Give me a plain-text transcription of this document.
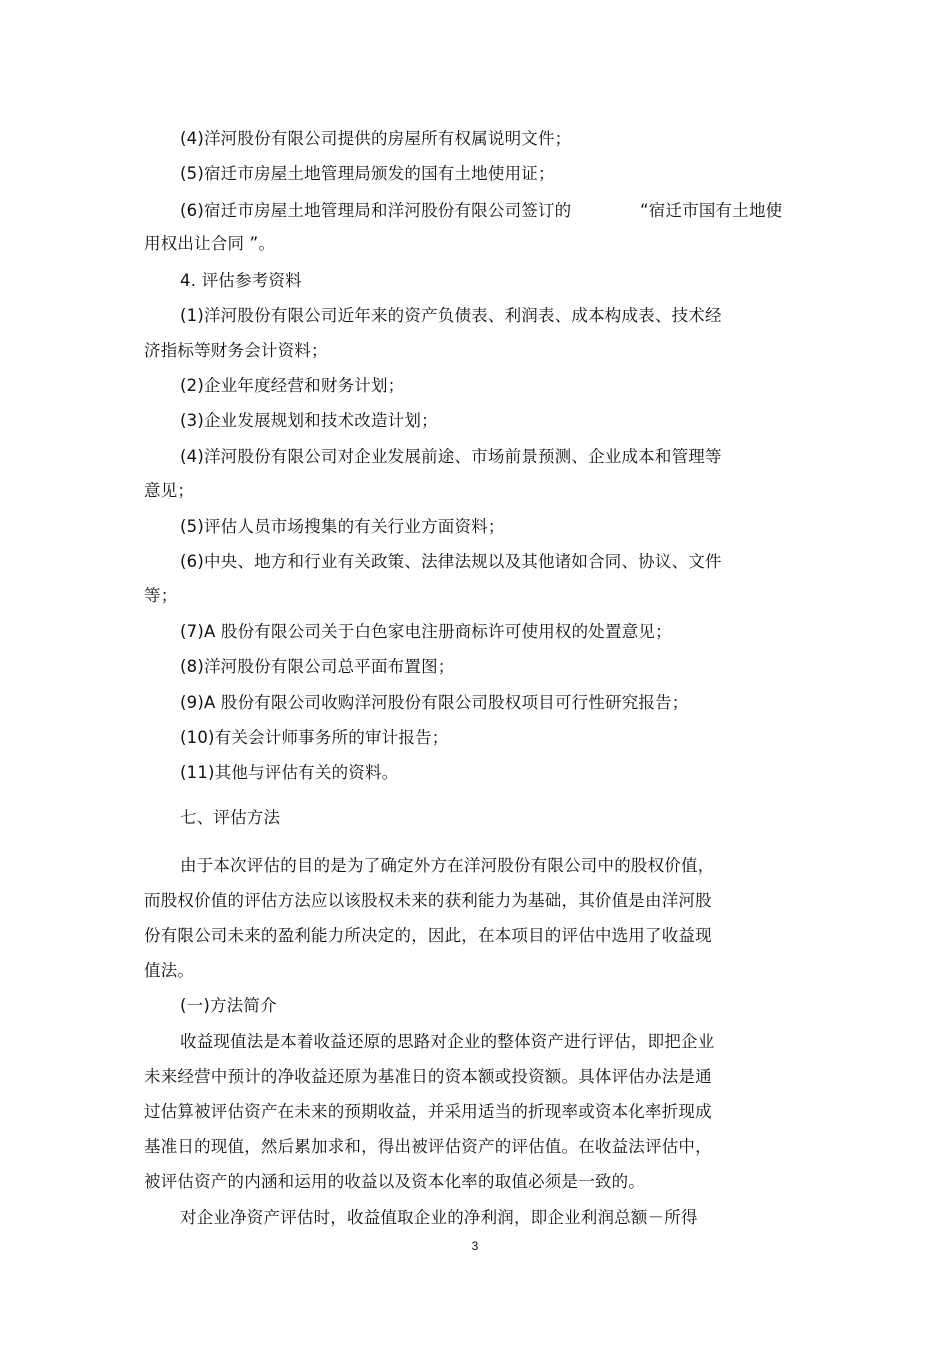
(4)洋河股份有限公司提供的房屋所有权属说明文件；
(5)宿迁市房屋土地管理局颁发的国有土地使用证；
(6)宿迁市房屋土地管理局和洋河股份有限公司签订的	“宿迁市国有土地使
用权出让合同 ”。
4. 评估参考资料
(1)洋河股份有限公司近年来的资产负债表、利润表、成本构成表、技术经
济指标等财务会计资料；
(2)企业年度经营和财务计划；
(3)企业发展规划和技术改造计划；
(4)洋河股份有限公司对企业发展前途、市场前景预测、企业成本和管理等
意见；
(5)评估人员市场搜集的有关行业方面资料；
(6)中央、地方和行业有关政策、法律法规以及其他诸如合同、协议、文件
等；
(7)A 股份有限公司关于白色家电注册商标许可使用权的处置意见；
(8)洋河股份有限公司总平面布置图；
(9)A 股份有限公司收购洋河股份有限公司股权项目可行性研究报告；
(10)有关会计师事务所的审计报告；
(11)其他与评估有关的资料。
七、评估方法
由于本次评估的目的是为了确定外方在洋河股份有限公司中的股权价值，
而股权价值的评估方法应以该股权未来的获利能力为基础，其价值是由洋河股
份有限公司未来的盈利能力所决定的，因此，在本项目的评估中选用了收益现
值法。
(一)方法简介
收益现值法是本着收益还原的思路对企业的整体资产进行评估，即把企业
未来经营中预计的净收益还原为基准日的资本额或投资额。具体评估办法是通
过估算被评估资产在未来的预期收益，并采用适当的折现率或资本化率折现成
基准日的现值，然后累加求和，得出被评估资产的评估值。在收益法评估中，
被评估资产的内涵和运用的收益以及资本化率的取值必须是一致的。
对企业净资产评估时，收益值取企业的净利润，即企业利润总额－所得
3
